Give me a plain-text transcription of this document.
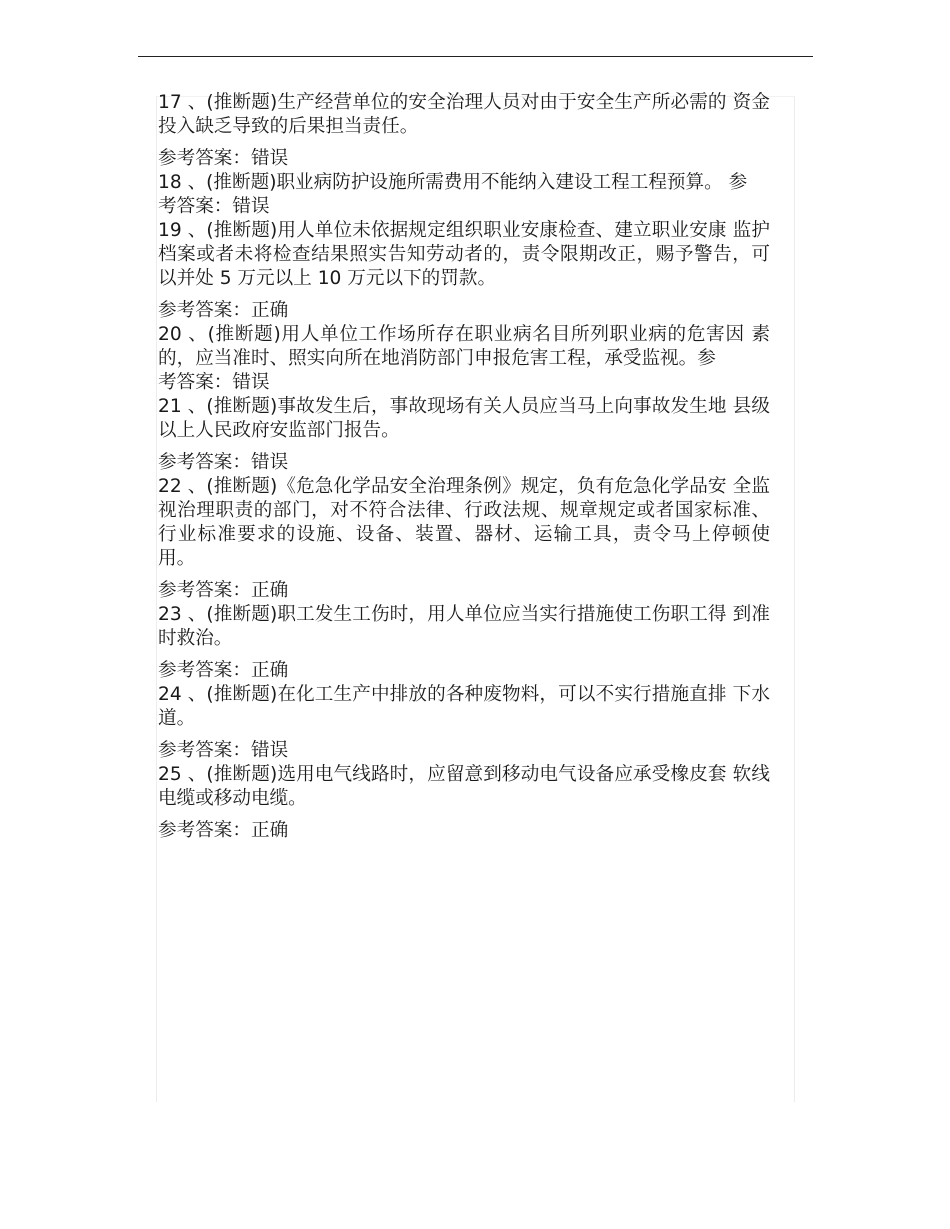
17 、(推断题)生产经营单位的安全治理人员对由于安全生产所必需的 资金投入缺乏导致的后果担当责任。

参考答案：错误

18 、(推断题)职业病防护设施所需费用不能纳入建设工程工程预算。 参

考答案：错误

19 、(推断题)用人单位未依据规定组织职业安康检查、建立职业安康 监护档案或者未将检查结果照实告知劳动者的，责令限期改正，赐予警告，可以并处 5 万元以上 10 万元以下的罚款。

参考答案：正确

20 、(推断题)用人单位工作场所存在职业病名目所列职业病的危害因 素的，应当准时、照实向所在地消防部门申报危害工程，承受监视。参

考答案：错误

21 、(推断题)事故发生后，事故现场有关人员应当马上向事故发生地 县级以上人民政府安监部门报告。

参考答案：错误

22 、(推断题)《危急化学品安全治理条例》规定，负有危急化学品安 全监视治理职责的部门，对不符合法律、行政法规、规章规定或者国家标准、行业标准要求的设施、设备、装置、器材、运输工具，责令马上停顿使用。

参考答案：正确

23 、(推断题)职工发生工伤时，用人单位应当实行措施使工伤职工得 到准时救治。

参考答案：正确

24 、(推断题)在化工生产中排放的各种废物料，可以不实行措施直排 下水道。

参考答案：错误

25 、(推断题)选用电气线路时，应留意到移动电气设备应承受橡皮套 软线电缆或移动电缆。

参考答案：正确
